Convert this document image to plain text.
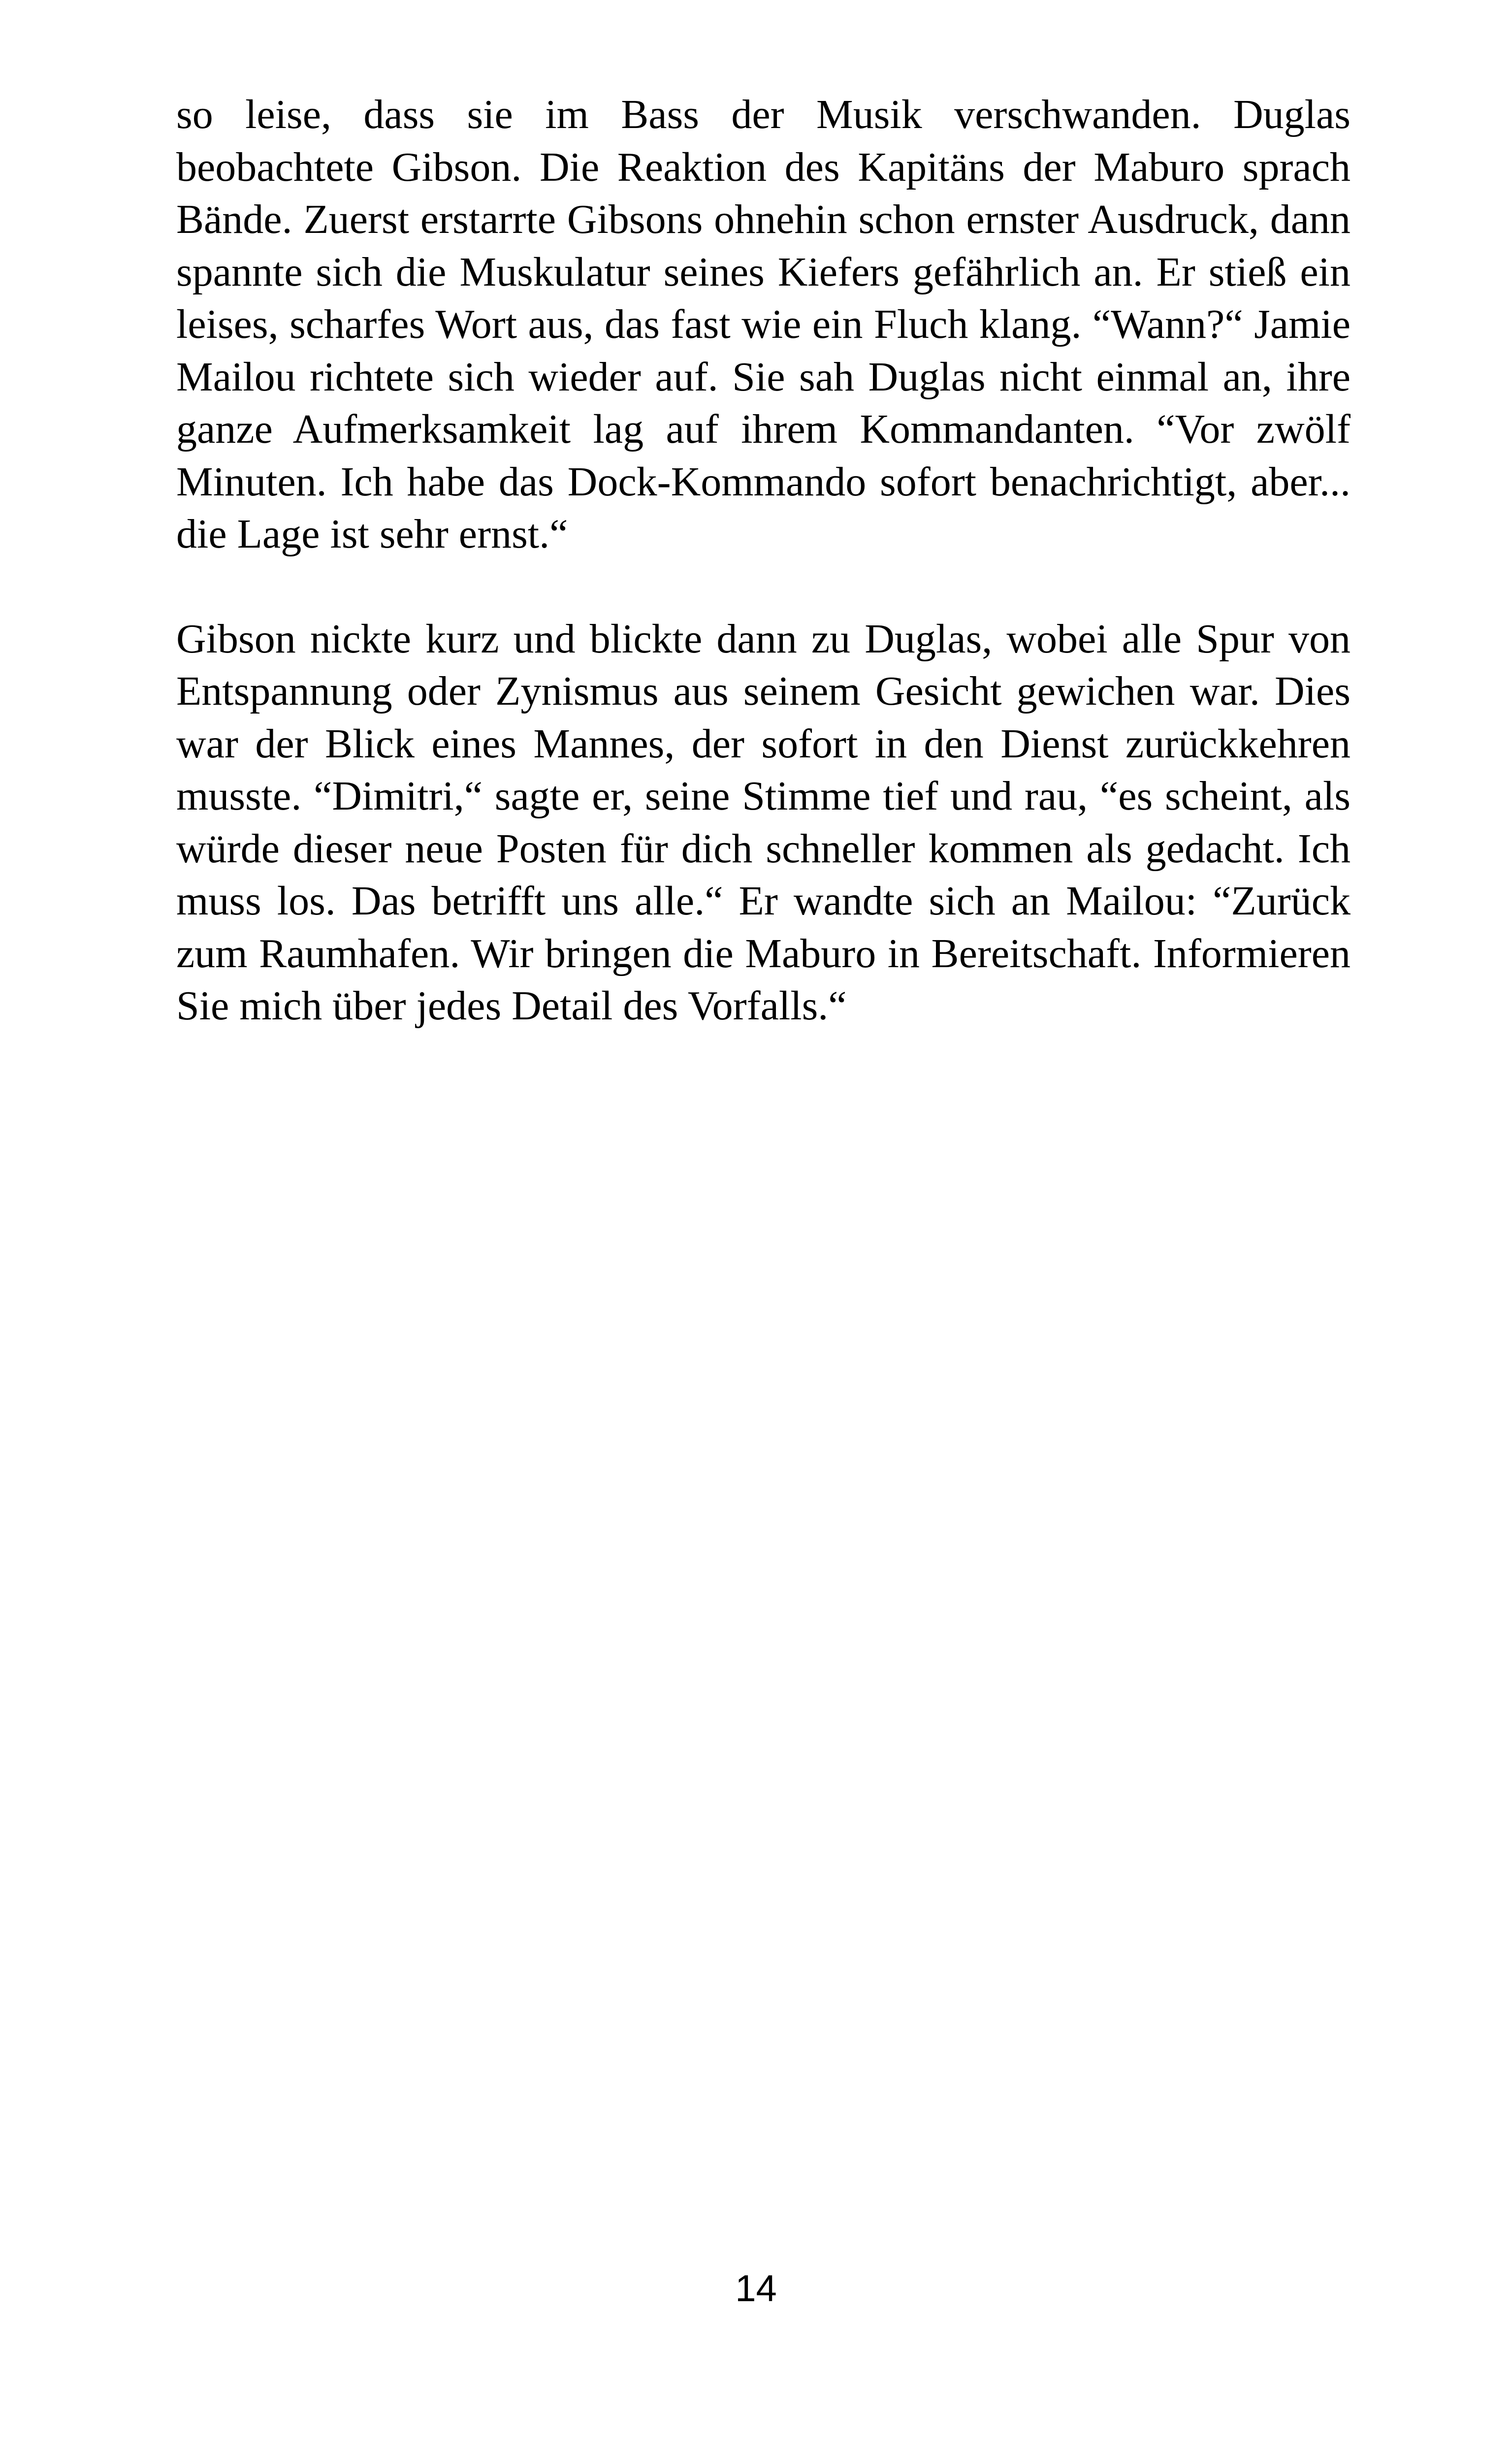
so leise, dass sie im Bass der Musik verschwanden. Duglas beobachtete Gibson. Die Reaktion des Kapitäns der Maburo sprach Bände. Zuerst erstarrte Gibsons ohnehin schon ernster Ausdruck, dann spannte sich die Muskulatur seines Kiefers gefährlich an. Er stieß ein leises, scharfes Wort aus, das fast wie ein Fluch klang. “Wann?“ Jamie Mailou richtete sich wieder auf. Sie sah Duglas nicht einmal an, ihre ganze Aufmerksamkeit lag auf ihrem Kommandanten. “Vor zwölf Minuten. Ich habe das Dock-Kommando sofort benachrichtigt, aber... die Lage ist sehr ernst.“

Gibson nickte kurz und blickte dann zu Duglas, wobei alle Spur von Entspannung oder Zynismus aus seinem Gesicht gewichen war. Dies war der Blick eines Mannes, der sofort in den Dienst zurückkehren musste. “Dimitri,“ sagte er, seine Stimme tief und rau, “es scheint, als würde dieser neue Posten für dich schneller kommen als gedacht. Ich muss los. Das betrifft uns alle.“ Er wandte sich an Mailou: “Zurück zum Raumhafen. Wir bringen die Maburo in Bereitschaft. Informieren Sie mich über jedes Detail des Vorfalls.“

14
